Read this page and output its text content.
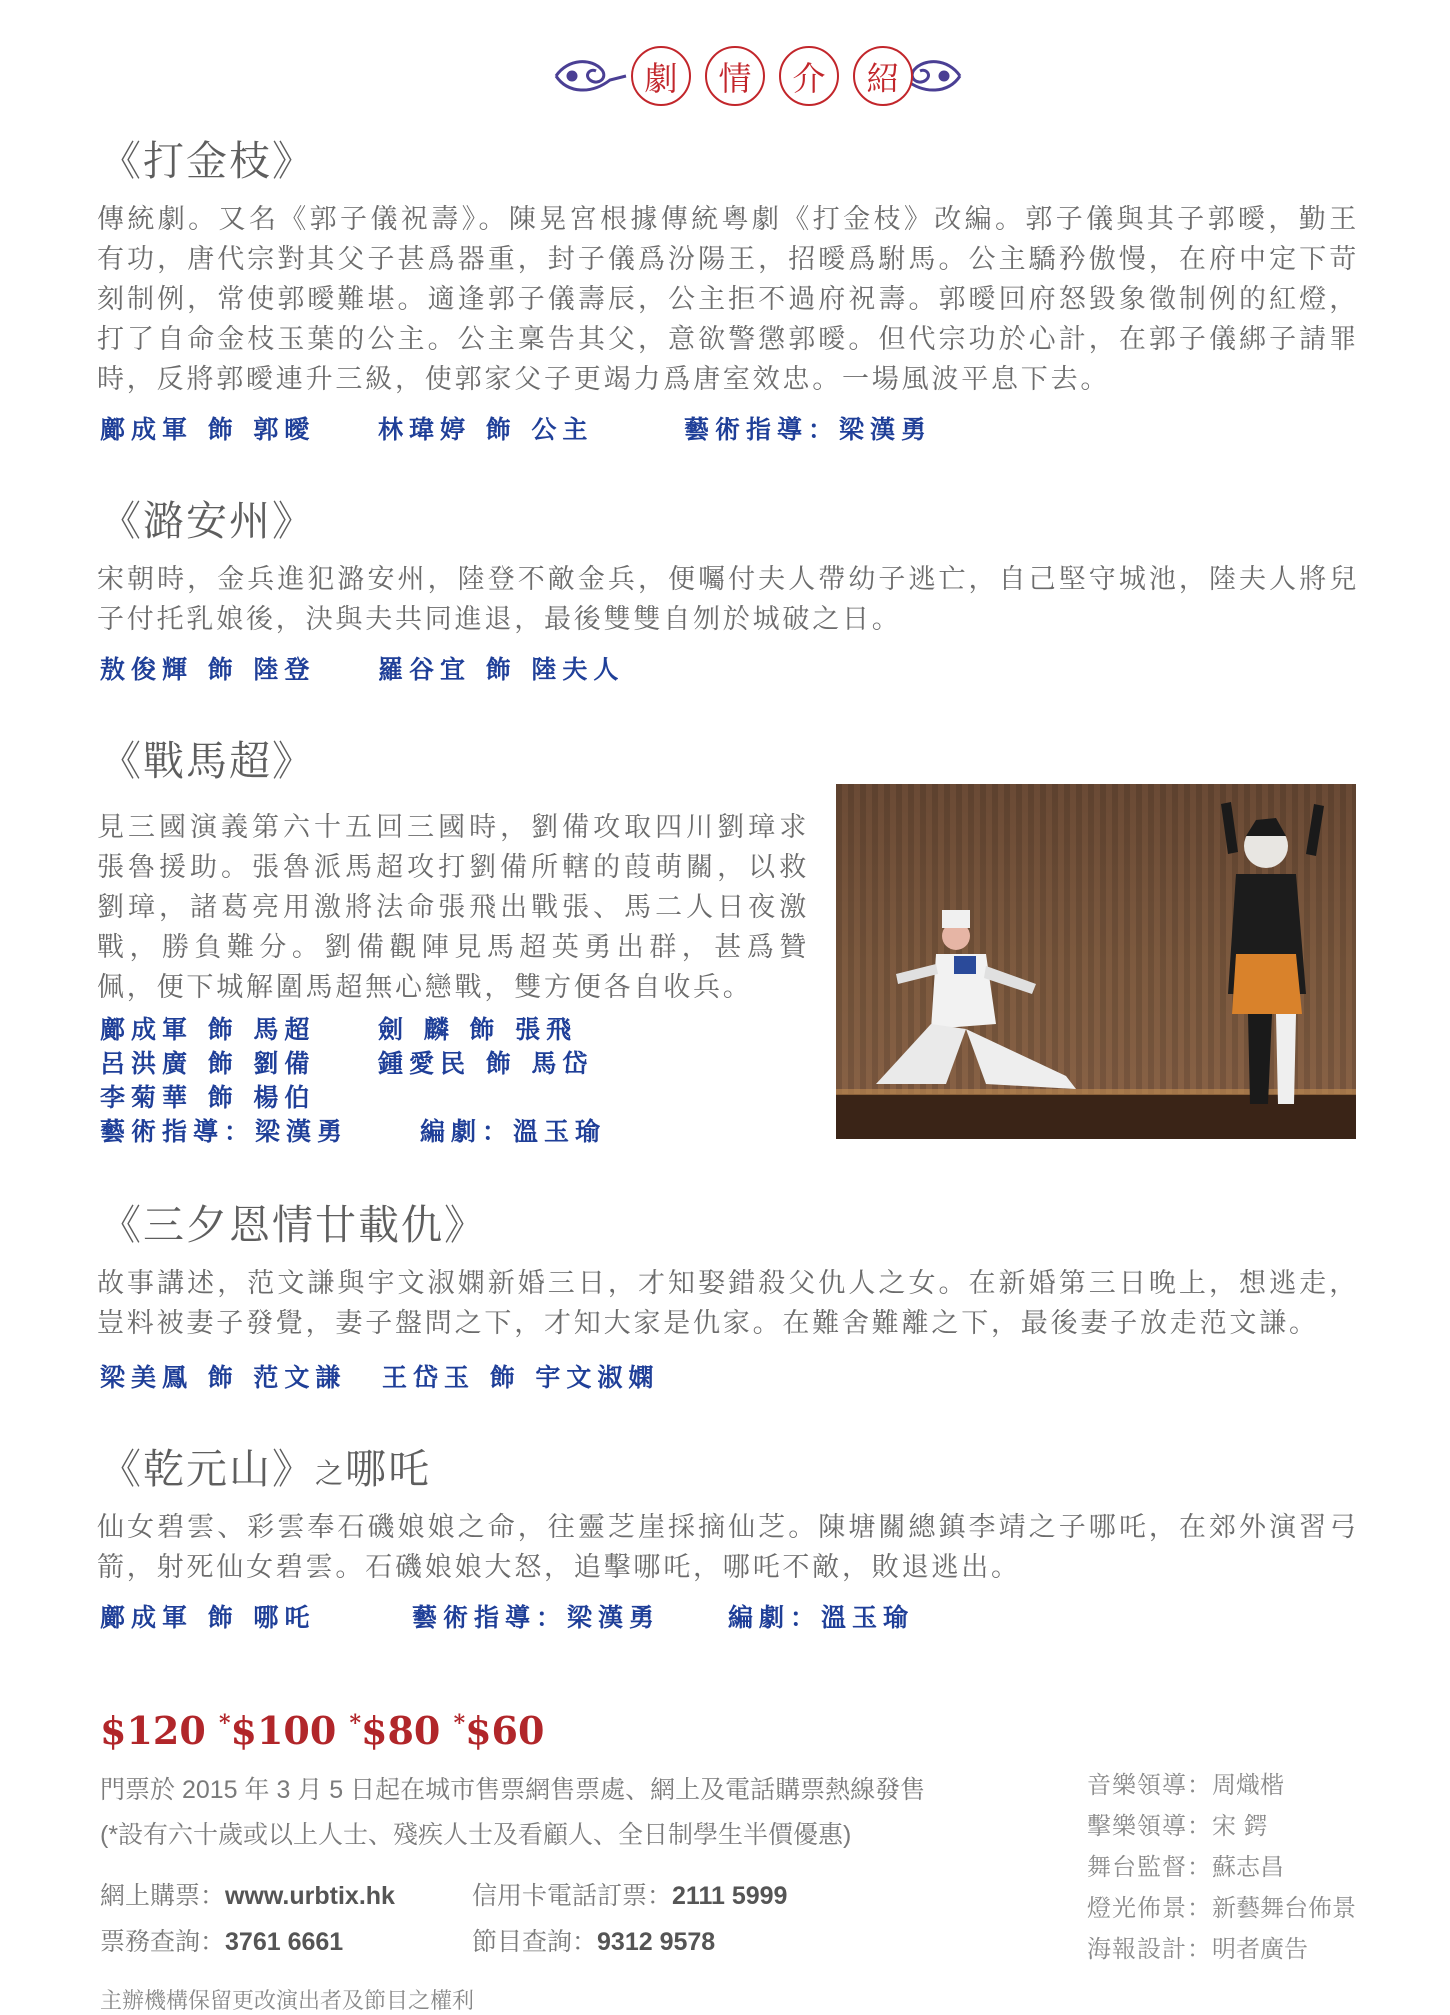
劇	情	介	紹
《打金枝》
傳統劇。又名《郭子儀祝壽》。陳晃宮根據傳統粵劇《打金枝》改編。郭子儀與其子郭曖，勤王有功，唐代宗對其父子甚爲器重，封子儀爲汾陽王，招曖爲駙馬。公主驕矜傲慢，在府中定下苛刻制例，常使郭曖難堪。適逢郭子儀壽辰，公主拒不過府祝壽。郭曖回府怒毀象徵制例的紅燈，打了自命金枝玉葉的公主。公主稟告其父，意欲警懲郭曖。但代宗功於心計，在郭子儀綁子請罪時，反將郭曖連升三級，使郭家父子更竭力爲唐室效忠。一場風波平息下去。
鄺成軍 飾 郭曖	林瑋婷 飾 公主	藝術指導：梁漢勇
《潞安州》
宋朝時，金兵進犯潞安州，陸登不敵金兵，便囑付夫人帶幼子逃亡，自己堅守城池，陸夫人將兒子付托乳娘後，決與夫共同進退，最後雙雙自刎於城破之日。
敖俊輝 飾 陸登	羅谷宜 飾 陸夫人
《戰馬超》
見三國演義第六十五回三國時，劉備攻取四川劉璋求張魯援助。張魯派馬超攻打劉備所轄的葭萌關，以救劉璋，諸葛亮用激將法命張飛出戰張、馬二人日夜激戰，勝負難分。劉備觀陣見馬超英勇出群，甚爲贊佩，便下城解圍馬超無心戀戰，雙方便各自收兵。
鄺成軍 飾 馬超	劍 麟 飾 張飛
呂洪廣 飾 劉備	鍾愛民 飾 馬岱
李菊華 飾 楊伯
藝術指導：梁漢勇	編劇：溫玉瑜
《三夕恩情廿載仇》
故事講述，范文謙與宇文淑嫻新婚三日，才知娶錯殺父仇人之女。在新婚第三日晚上，想逃走，豈料被妻子發覺，妻子盤問之下，才知大家是仇家。在難舍難離之下，最後妻子放走范文謙。
梁美鳳 飾 范文謙 王岱玉 飾 宇文淑嫻
《乾元山》之哪吒
仙女碧雲、彩雲奉石磯娘娘之命，往靈芝崖採摘仙芝。陳塘關總鎮李靖之子哪吒，在郊外演習弓箭，射死仙女碧雲。石磯娘娘大怒，追擊哪吒，哪吒不敵，敗退逃出。
鄺成軍 飾 哪吒	藝術指導：梁漢勇	編劇：溫玉瑜
$120 *$100 *$80 *$60
門票於 2015 年 3 月 5 日起在城市售票網售票處、網上及電話購票熱線發售
(*設有六十歲或以上人士、殘疾人士及看顧人、全日制學生半價優惠)
網上購票：www.urbtix.hk	信用卡電話訂票：2111 5999
票務查詢：3761 6661	節目查詢：9312 9578
音樂領導：周熾楷
擊樂領導：宋 鍔
舞台監督：蘇志昌
燈光佈景：新藝舞台佈景
海報設計：明者廣告
主辦機構保留更改演出者及節目之權利
